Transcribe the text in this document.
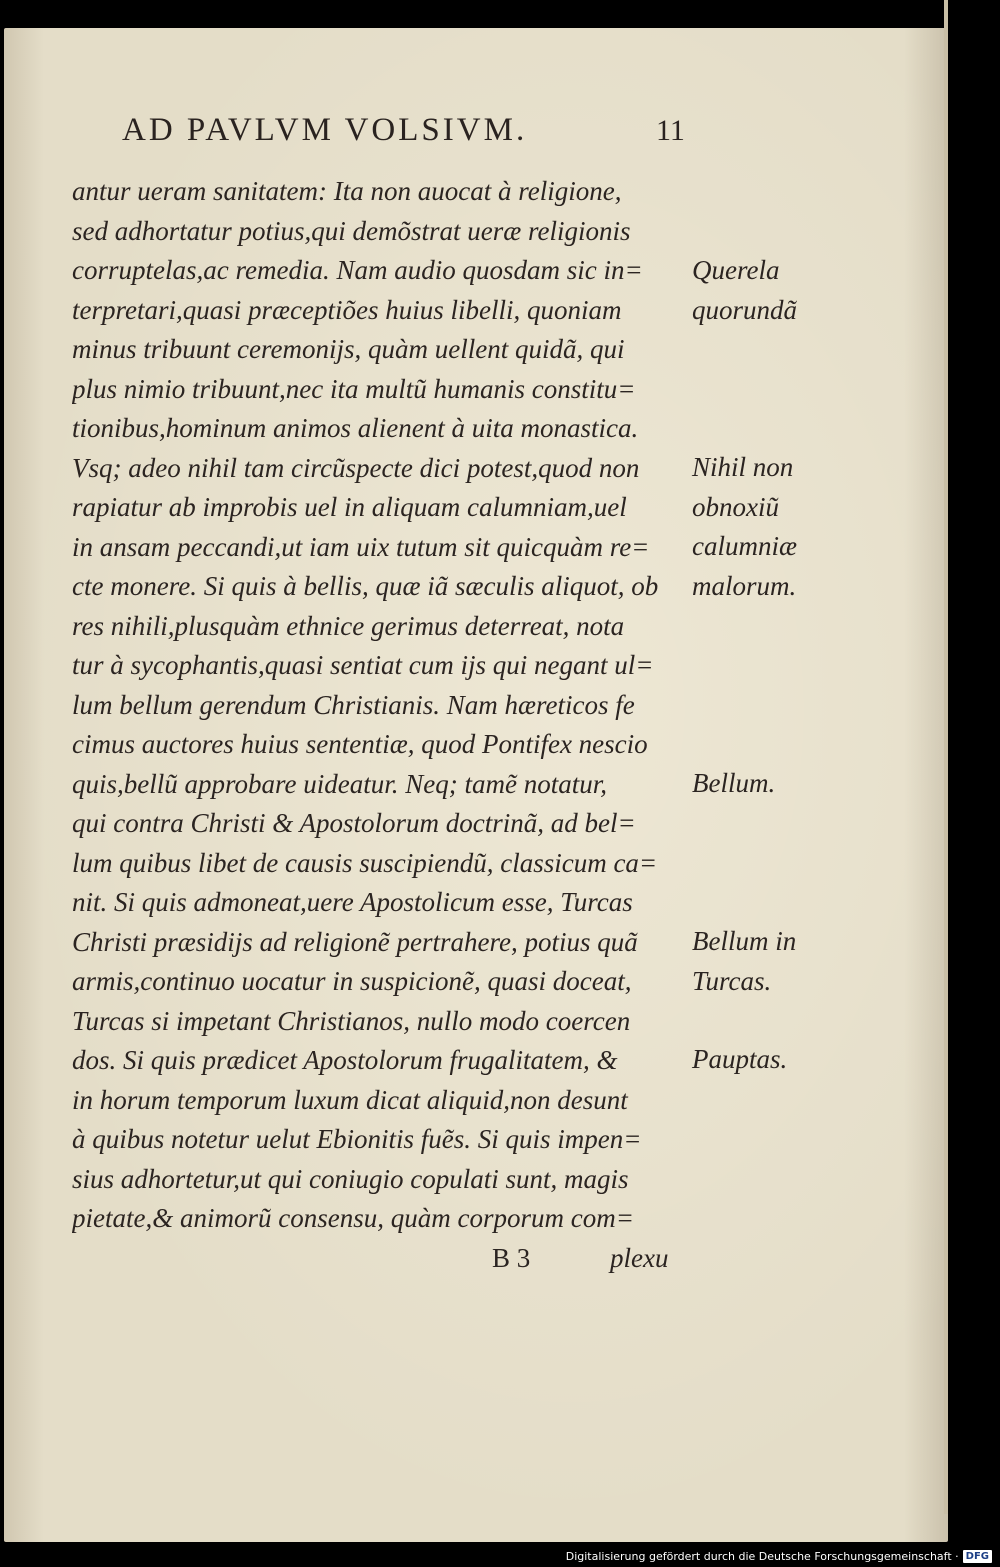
AD PAVLVM VOLSIVM.	11
antur ueram sanitatem: Ita non auocat à religione,
sed adhortatur potius,qui demõstrat ueræ religionis
corruptelas,ac remedia. Nam audio quosdam sic in=
terpretari,quasi præceptiões huius libelli, quoniam
minus tribuunt ceremonijs, quàm uellent quidã, qui
plus nimio tribuunt,nec ita multũ humanis constitu=
tionibus,hominum animos alienent à uita monastica.
Vsq; adeo nihil tam circũspecte dici potest,quod non
rapiatur ab improbis uel in aliquam calumniam,uel
in ansam peccandi,ut iam uix tutum sit quicquàm re=
cte monere. Si quis à bellis, quæ iã sæculis aliquot, ob
res nihili,plusquàm ethnice gerimus deterreat, nota
tur à sycophantis,quasi sentiat cum ijs qui negant ul=
lum bellum gerendum Christianis. Nam hæreticos fe
cimus auctores huius sententiæ, quod Pontifex nescio
quis,bellũ approbare uideatur. Neq; tamẽ notatur,
qui contra Christi & Apostolorum doctrinã, ad bel=
lum quibus libet de causis suscipiendũ, classicum ca=
nit. Si quis admoneat,uere Apostolicum esse, Turcas
Christi præsidijs ad religionẽ pertrahere, potius quã
armis,continuo uocatur in suspicionẽ, quasi doceat,
Turcas si impetant Christianos, nullo modo coercen
dos. Si quis prædicet Apostolorum frugalitatem, &
in horum temporum luxum dicat aliquid,non desunt
à quibus notetur uelut Ebionitis fuẽs. Si quis impen=
sius adhortetur,ut qui coniugio copulati sunt, magis
pietate,& animorũ consensu, quàm corporum com=
Querela
quorundã
Nihil non
obnoxiũ
calumniæ
malorum.
Bellum.
Bellum in
Turcas.
Pauptas.
B 3	plexu
Digitalisierung gefördert durch die Deutsche Forschungsgemeinschaft · DFG
